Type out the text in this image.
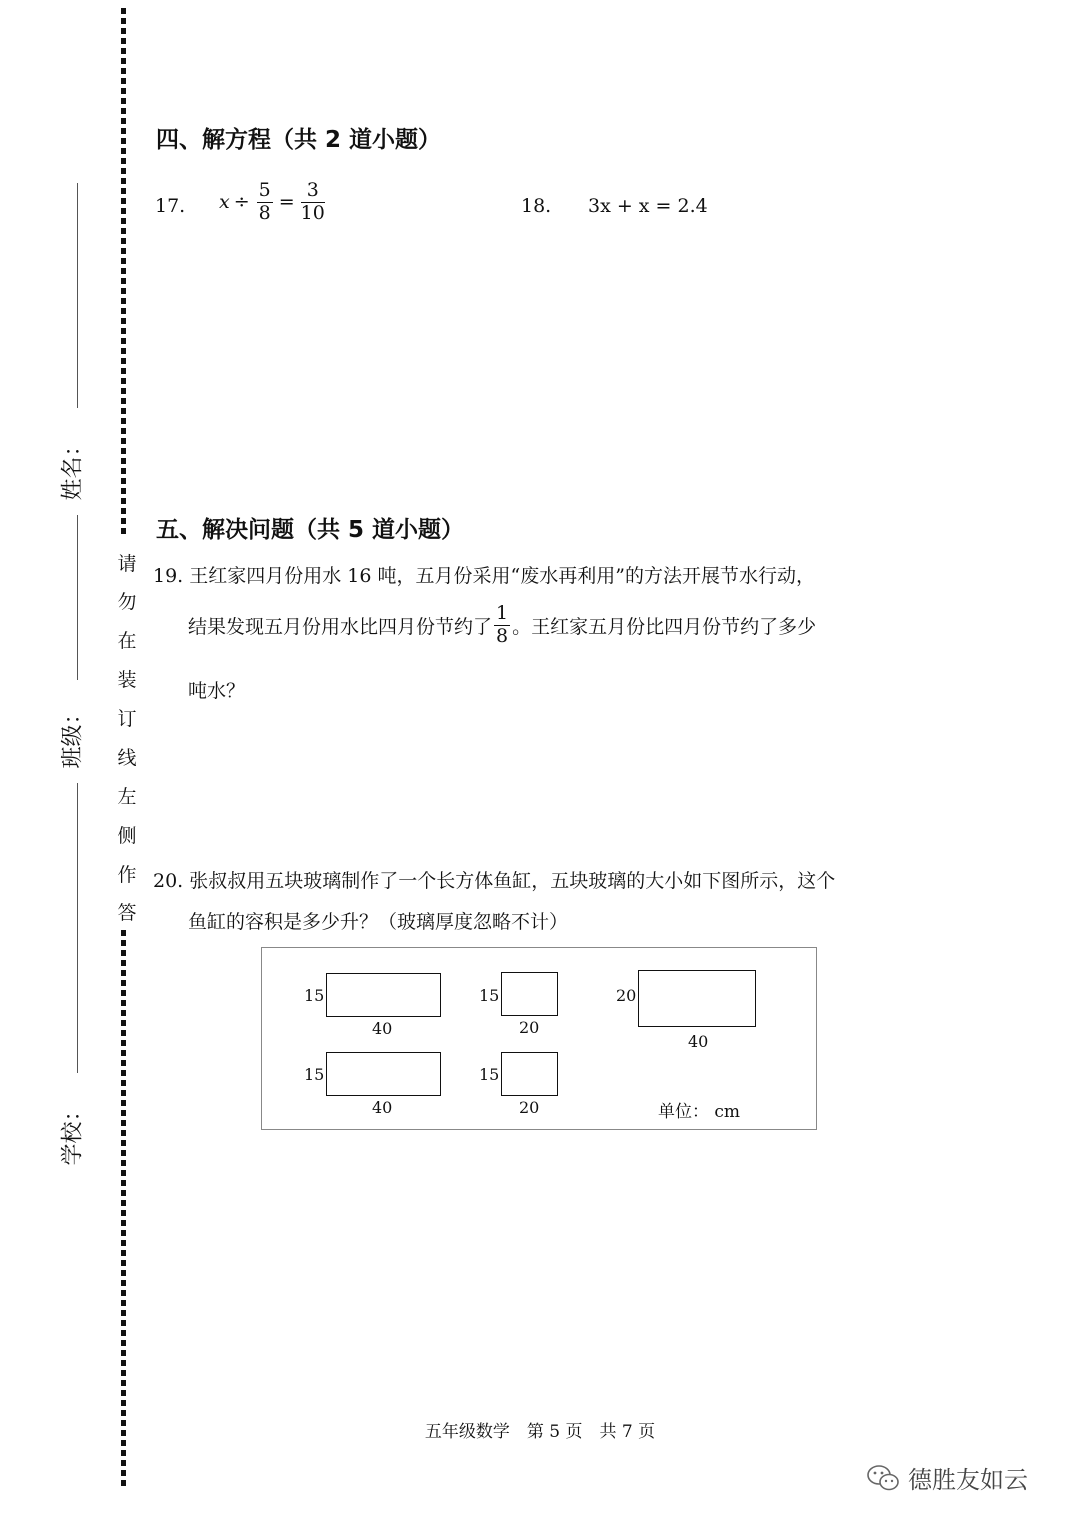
姓名：
班级：
学校：
请
勿
在
装
订
线
左
侧
作
答
四、解方程（共 2 道小题）
17. $x \div \frac{5}{8} = \frac{3}{10}$	18. 3x + x = 2.4
五、解决问题（共 5 道小题）
19. 王红家四月份用水 16 吨，五月份采用“废水再利用”的方法开展节水行动，
结果发现五月份用水比四月份节约了 $\frac{1}{8}$ 。王红家五月份比四月份节约了多少
吨水？
20. 张叔叔用五块玻璃制作了一个长方体鱼缸，五块玻璃的大小如下图所示，这个
鱼缸的容积是多少升？（玻璃厚度忽略不计）
15
40
15
20
20
40
15
40
15
20	单位： cm
五年级数学　第 5 页　共 7 页
德胜友如云
